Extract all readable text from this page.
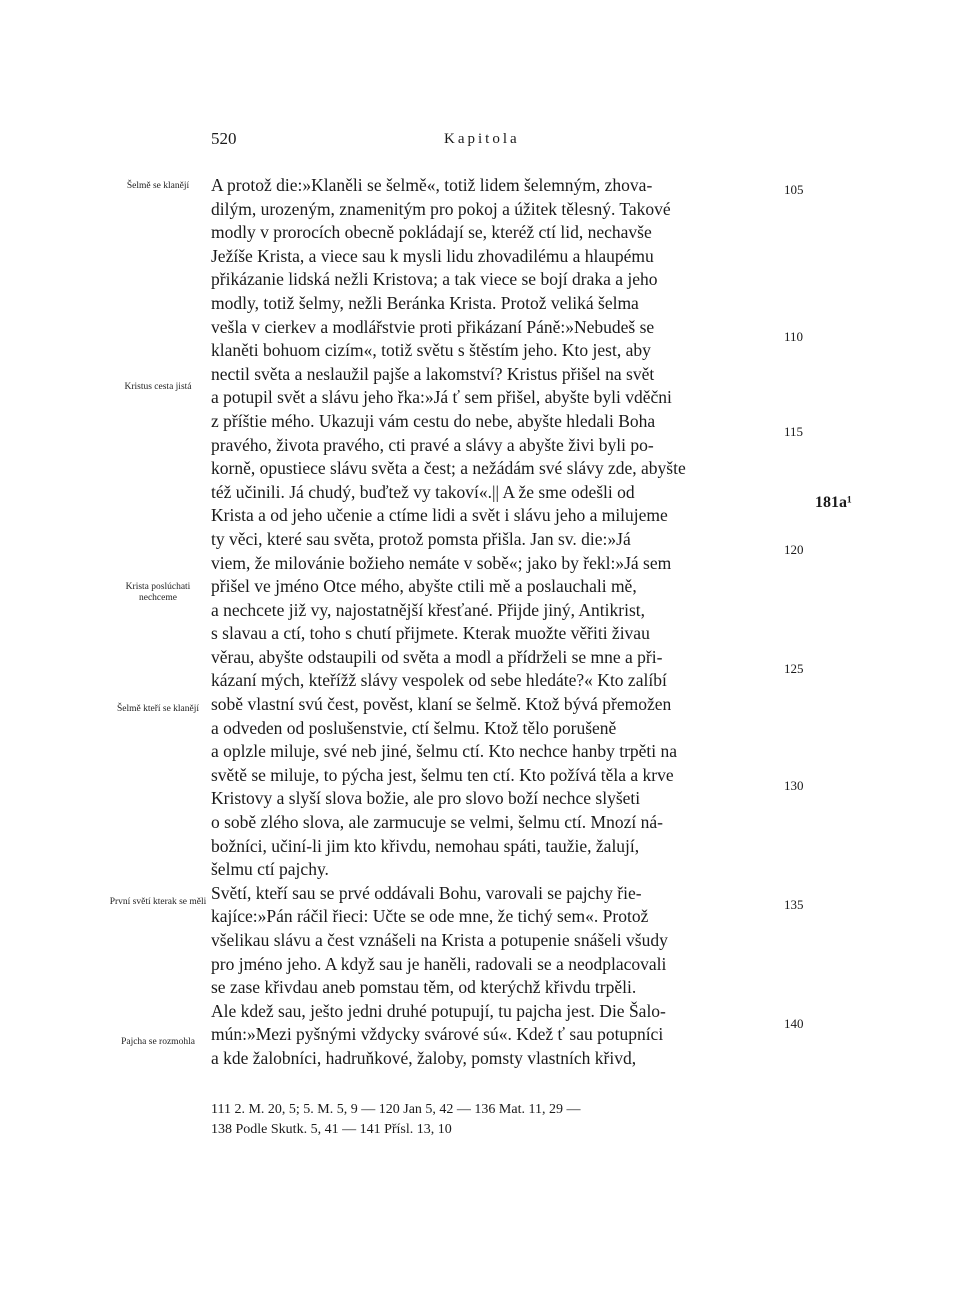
520	Kapitola
A protož die:»Klaněli se šelmě«, totiž lidem šelemným, zhova-
dilým, urozeným, znamenitým pro pokoj a úžitek tělesný. Takové
modly v prorocích obecně pokládají se, kteréž ctí lid, nechavše
Ježíše Krista, a viece sau k mysli lidu zhovadilému a hlaupému
přikázanie lidská nežli Kristova; a tak viece se bojí draka a jeho
modly, totiž šelmy, nežli Beránka Krista. Protož veliká šelma
vešla v cierkev a modlářstvie proti přikázaní Páně:»Nebudeš se
klaněti bohuom cizím«, totiž světu s štěstím jeho. Kto jest, aby
nectil světa a neslaužil pajše a lakomství? Kristus přišel na svět
a potupil svět a slávu jeho řka:»Já ť sem přišel, abyšte byli vděčni
z příštie mého. Ukazuji vám cestu do nebe, abyšte hledali Boha
pravého, života pravého, cti pravé a slávy a abyšte živi byli po-
korně, opustiece slávu světa a čest; a nežádám své slávy zde, abyšte
též učinili. Já chudý, buďtež vy takoví«.|| A že sme odešli od
Krista a od jeho učenie a ctíme lidi a svět i slávu jeho a milujeme
ty věci, které sau světa, protož pomsta přišla. Jan sv. die:»Já
viem, že milovánie božieho nemáte v sobě«; jako by řekl:»Já sem
přišel ve jméno Otce mého, abyšte ctili mě a poslauchali mě,
a nechcete již vy, najostatnější křesťané. Přijde jiný, Antikrist,
s slavau a ctí, toho s chutí přijmete. Kterak muožte věřiti živau
věrau, abyšte odstaupili od světa a modl a přídrželi se mne a při-
kázaní mých, kteřížž slávy vespolek od sebe hledáte?« Kto zalíbí
sobě vlastní svú čest, pověst, klaní se šelmě. Ktož bývá přemožen
a odveden od poslušenstvie, ctí šelmu. Ktož tělo porušeně
a oplzle miluje, své neb jiné, šelmu ctí. Kto nechce hanby trpěti na
světě se miluje, to pýcha jest, šelmu ten ctí. Kto požívá těla a krve
Kristovy a slyší slova božie, ale pro slovo boží nechce slyšeti
o sobě zlého slova, ale zarmucuje se velmi, šelmu ctí. Mnozí ná-
božníci, učiní-li jim kto křivdu, nemohau spáti, taužie, žalují,
šelmu ctí pajchy.
Světí, kteří sau se prvé oddávali Bohu, varovali se pajchy řie-
kajíce:»Pán ráčil řieci: Učte se ode mne, že tichý sem«. Protož
všelikau slávu a čest vznášeli na Krista a potupenie snášeli všudy
pro jméno jeho. A když sau je haněli, radovali se a neodplacovali
se zase křivdau aneb pomstau těm, od kterýchž křivdu trpěli.
Ale kdež sau, ješto jedni druhé potupují, tu pajcha jest. Die Šalo-
mún:»Mezi pyšnými vždycky svárové sú«. Kdež ť sau potupníci
a kde žalobníci, hadruňkové, žaloby, pomsty vlastních křivd,
Šelmě se klanějí
Kristus cesta jistá
Krista poslúchati nechceme
Šelmě kteří se klanějí
První světí kterak se měli
Pajcha se rozmohla
105
110
115
120
125
130
135
140
181a¹
111 2. M. 20, 5; 5. M. 5, 9 — 120 Jan 5, 42 — 136 Mat. 11, 29 —
138 Podle Skutk. 5, 41 — 141 Přísl. 13, 10
